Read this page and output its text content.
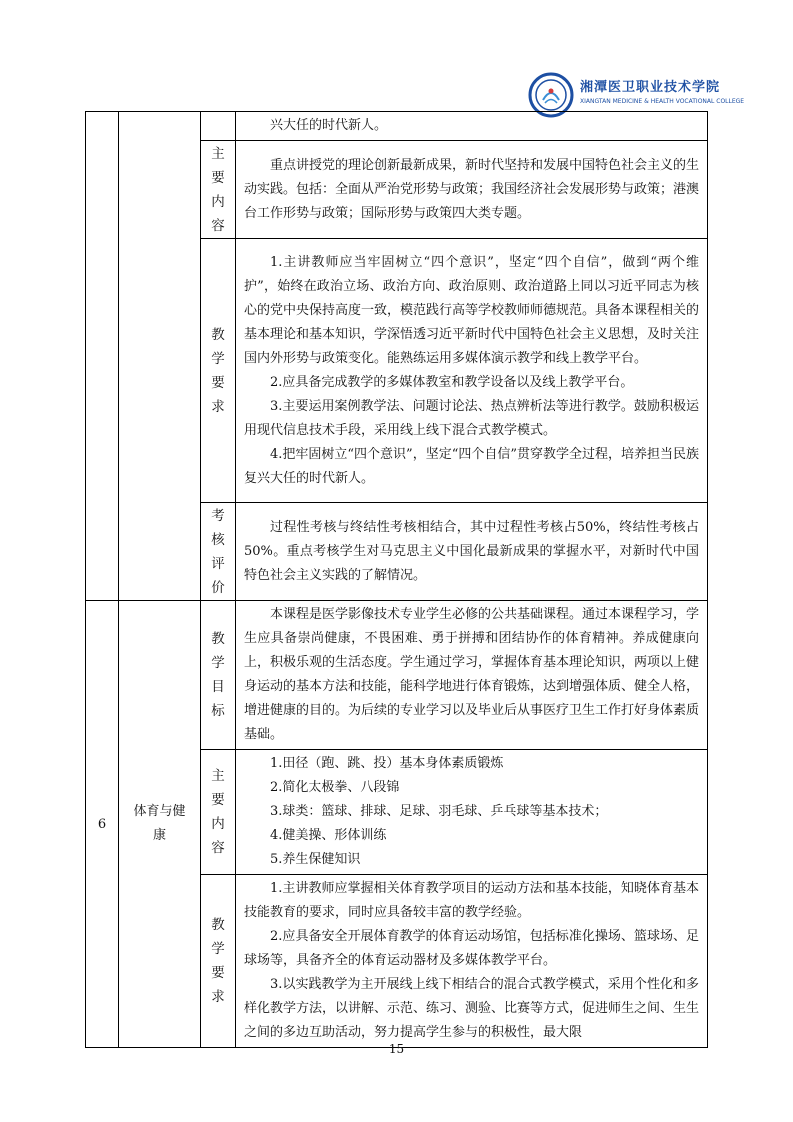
湘潭医卫职业技术学院
XIANGTAN MEDICINE & HEALTH VOCATIONAL COLLEGE

			兴大任的时代新人。

		主要内容	重点讲授党的理论创新最新成果，新时代坚持和发展中国特色社会主义的生动实践。包括：全面从严治党形势与政策；我国经济社会发展形势与政策；港澳台工作形势与政策；国际形势与政策四大类专题。

		教学要求	1.主讲教师应当牢固树立“四个意识”，坚定“四个自信”，做到“两个维护”，始终在政治立场、政治方向、政治原则、政治道路上同以习近平同志为核心的党中央保持高度一致，模范践行高等学校教师师德规范。具备本课程相关的基本理论和基本知识，学深悟透习近平新时代中国特色社会主义思想，及时关注国内外形势与政策变化。能熟练运用多媒体演示教学和线上教学平台。

2.应具备完成教学的多媒体教室和教学设备以及线上教学平台。

3.主要运用案例教学法、问题讨论法、热点辨析法等进行教学。鼓励积极运用现代信息技术手段，采用线上线下混合式教学模式。

4.把牢固树立“四个意识”，坚定“四个自信”贯穿教学全过程，培养担当民族复兴大任的时代新人。

		考核评价	过程性考核与终结性考核相结合，其中过程性考核占50%，终结性考核占50%。重点考核学生对马克思主义中国化最新成果的掌握水平，对新时代中国特色社会主义实践的了解情况。

6	体育与健康	教学目标	本课程是医学影像技术专业学生必修的公共基础课程。通过本课程学习，学生应具备崇尚健康，不畏困难、勇于拼搏和团结协作的体育精神。养成健康向上，积极乐观的生活态度。学生通过学习，掌握体育基本理论知识，两项以上健身运动的基本方法和技能，能科学地进行体育锻炼，达到增强体质、健全人格，增进健康的目的。为后续的专业学习以及毕业后从事医疗卫生工作打好身体素质基础。

		主要内容	1.田径（跑、跳、投）基本身体素质锻炼

2.简化太极拳、八段锦

3.球类：篮球、排球、足球、羽毛球、乒乓球等基本技术；

4.健美操、形体训练

5.养生保健知识

		教学要求	1.主讲教师应掌握相关体育教学项目的运动方法和基本技能，知晓体育基本技能教育的要求，同时应具备较丰富的教学经验。

2.应具备安全开展体育教学的体育运动场馆，包括标准化操场、篮球场、足球场等，具备齐全的体育运动器材及多媒体教学平台。

3.以实践教学为主开展线上线下相结合的混合式教学模式，采用个性化和多样化教学方法，以讲解、示范、练习、测验、比赛等方式，促进师生之间、生生之间的多边互助活动，努力提高学生参与的积极性，最大限

15
